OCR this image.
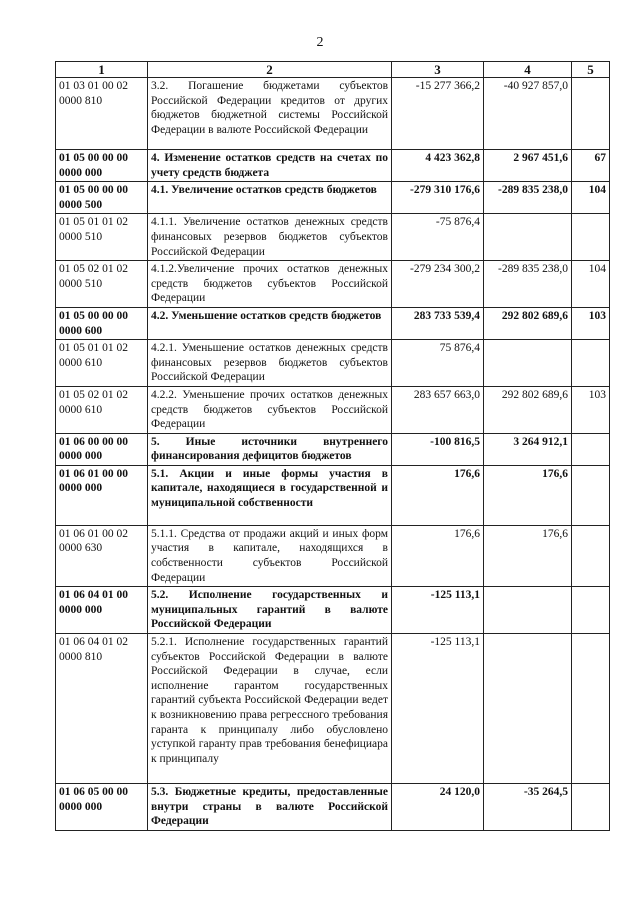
2
1	2	3	4	5
01 03 01 00 02 0000 810	3.2. Погашение бюджетами субъектов Российской Федерации кредитов от других бюджетов бюджетной системы Российской Федерации в валюте Российской Федерации	-15 277 366,2	-40 927 857,0	
01 05 00 00 00 0000 000	4. Изменение остатков средств на счетах по учету средств бюджета	4 423 362,8	2 967 451,6	67
01 05 00 00 00 0000 500	4.1. Увеличение остатков средств бюджетов	-279 310 176,6	-289 835 238,0	104
01 05 01 01 02 0000 510	4.1.1. Увеличение остатков денежных средств финансовых резервов бюджетов субъектов Российской Федерации	-75 876,4		
01 05 02 01 02 0000 510	4.1.2.Увеличение прочих остатков денежных средств бюджетов субъектов Российской Федерации	-279 234 300,2	-289 835 238,0	104
01 05 00 00 00 0000 600	4.2. Уменьшение остатков средств бюджетов	283 733 539,4	292 802 689,6	103
01 05 01 01 02 0000 610	4.2.1. Уменьшение остатков денежных средств финансовых резервов бюджетов субъектов Российской Федерации	75 876,4		
01 05 02 01 02 0000 610	4.2.2. Уменьшение прочих остатков денежных средств бюджетов субъектов Российской Федерации	283 657 663,0	292 802 689,6	103
01 06 00 00 00 0000 000	5. Иные источники внутреннего финансирования дефицитов бюджетов	-100 816,5	3 264 912,1	
01 06 01 00 00 0000 000	5.1. Акции и иные формы участия в капитале, находящиеся в государственной и муниципальной собственности	176,6	176,6	
01 06 01 00 02 0000 630	5.1.1. Средства от продажи акций и иных форм участия в капитале, находящихся в собственности субъектов Российской Федерации	176,6	176,6	
01 06 04 01 00 0000 000	5.2. Исполнение государственных и муниципальных гарантий в валюте Российской Федерации	-125 113,1		
01 06 04 01 02 0000 810	5.2.1. Исполнение государственных гарантий субъектов Российской Федерации в валюте Российской Федерации в случае, если исполнение гарантом государственных гарантий субъекта Российской Федерации ведет к возникновению права регрессного требования гаранта к принципалу либо обусловлено уступкой гаранту прав требования бенефициара к принципалу	-125 113,1		
01 06 05 00 00 0000 000	5.3. Бюджетные кредиты, предоставленные внутри страны в валюте Российской Федерации	24 120,0	-35 264,5	
